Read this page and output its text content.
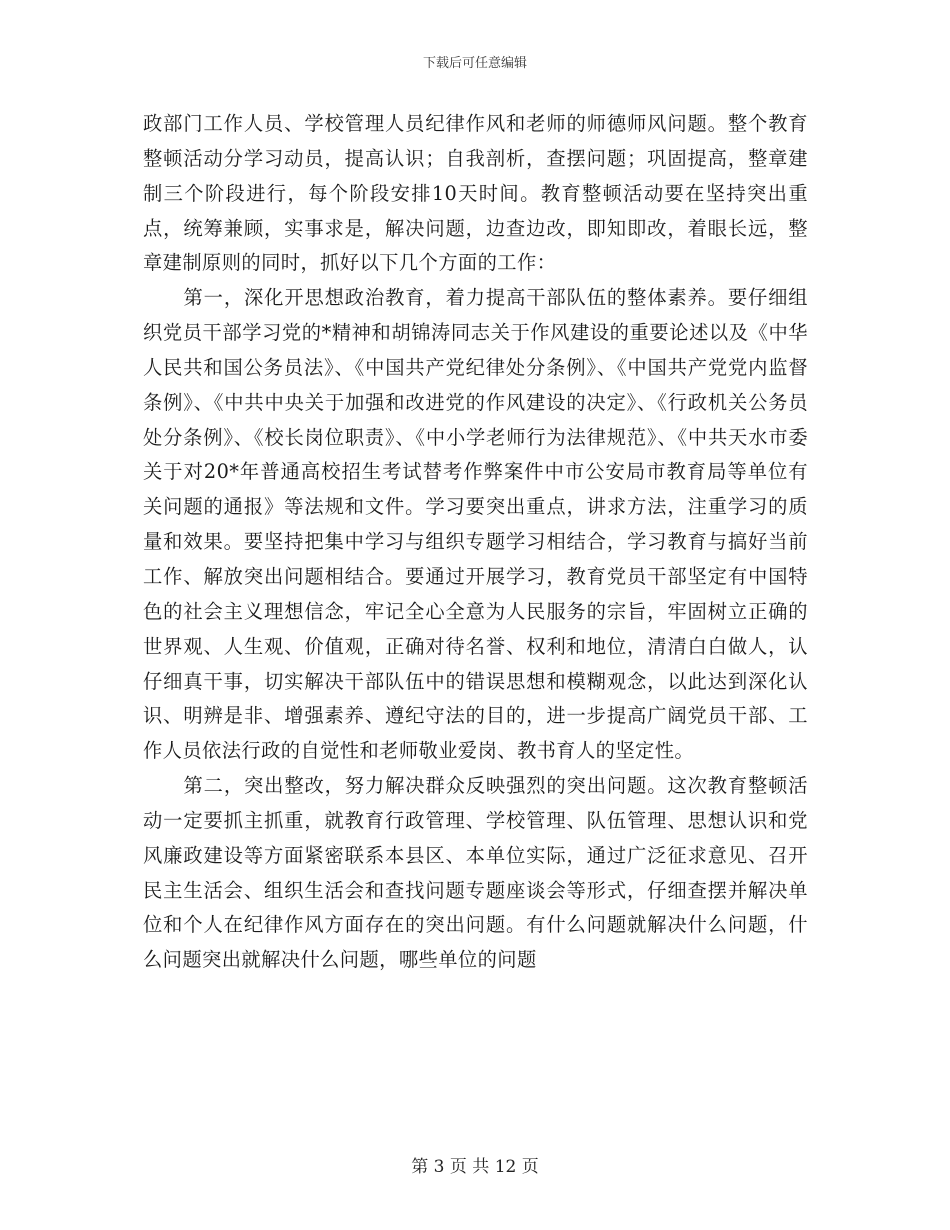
下载后可任意编辑

政部门工作人员、学校管理人员纪律作风和老师的师德师风问题。整个教育整顿活动分学习动员，提高认识；自我剖析，查摆问题；巩固提高，整章建制三个阶段进行，每个阶段安排10天时间。教育整顿活动要在坚持突出重点，统筹兼顾，实事求是，解决问题，边查边改，即知即改，着眼长远，整章建制原则的同时，抓好以下几个方面的工作：

第一，深化开思想政治教育，着力提高干部队伍的整体素养。要仔细组织党员干部学习党的*精神和胡锦涛同志关于作风建设的重要论述以及《中华人民共和国公务员法》、《中国共产党纪律处分条例》、《中国共产党党内监督条例》、《中共中央关于加强和改进党的作风建设的决定》、《行政机关公务员处分条例》、《校长岗位职责》、《中小学老师行为法律规范》、《中共天水市委关于对20*年普通高校招生考试替考作弊案件中市公安局市教育局等单位有关问题的通报》等法规和文件。学习要突出重点，讲求方法，注重学习的质量和效果。要坚持把集中学习与组织专题学习相结合，学习教育与搞好当前工作、解放突出问题相结合。要通过开展学习，教育党员干部坚定有中国特色的社会主义理想信念，牢记全心全意为人民服务的宗旨，牢固树立正确的世界观、人生观、价值观，正确对待名誉、权利和地位，清清白白做人，认仔细真干事，切实解决干部队伍中的错误思想和模糊观念，以此达到深化认识、明辨是非、增强素养、遵纪守法的目的，进一步提高广阔党员干部、工作人员依法行政的自觉性和老师敬业爱岗、教书育人的坚定性。

第二，突出整改，努力解决群众反映强烈的突出问题。这次教育整顿活动一定要抓主抓重，就教育行政管理、学校管理、队伍管理、思想认识和党风廉政建设等方面紧密联系本县区、本单位实际，通过广泛征求意见、召开民主生活会、组织生活会和查找问题专题座谈会等形式，仔细查摆并解决单位和个人在纪律作风方面存在的突出问题。有什么问题就解决什么问题，什么问题突出就解决什么问题，哪些单位的问题

第 3 页 共 12 页
